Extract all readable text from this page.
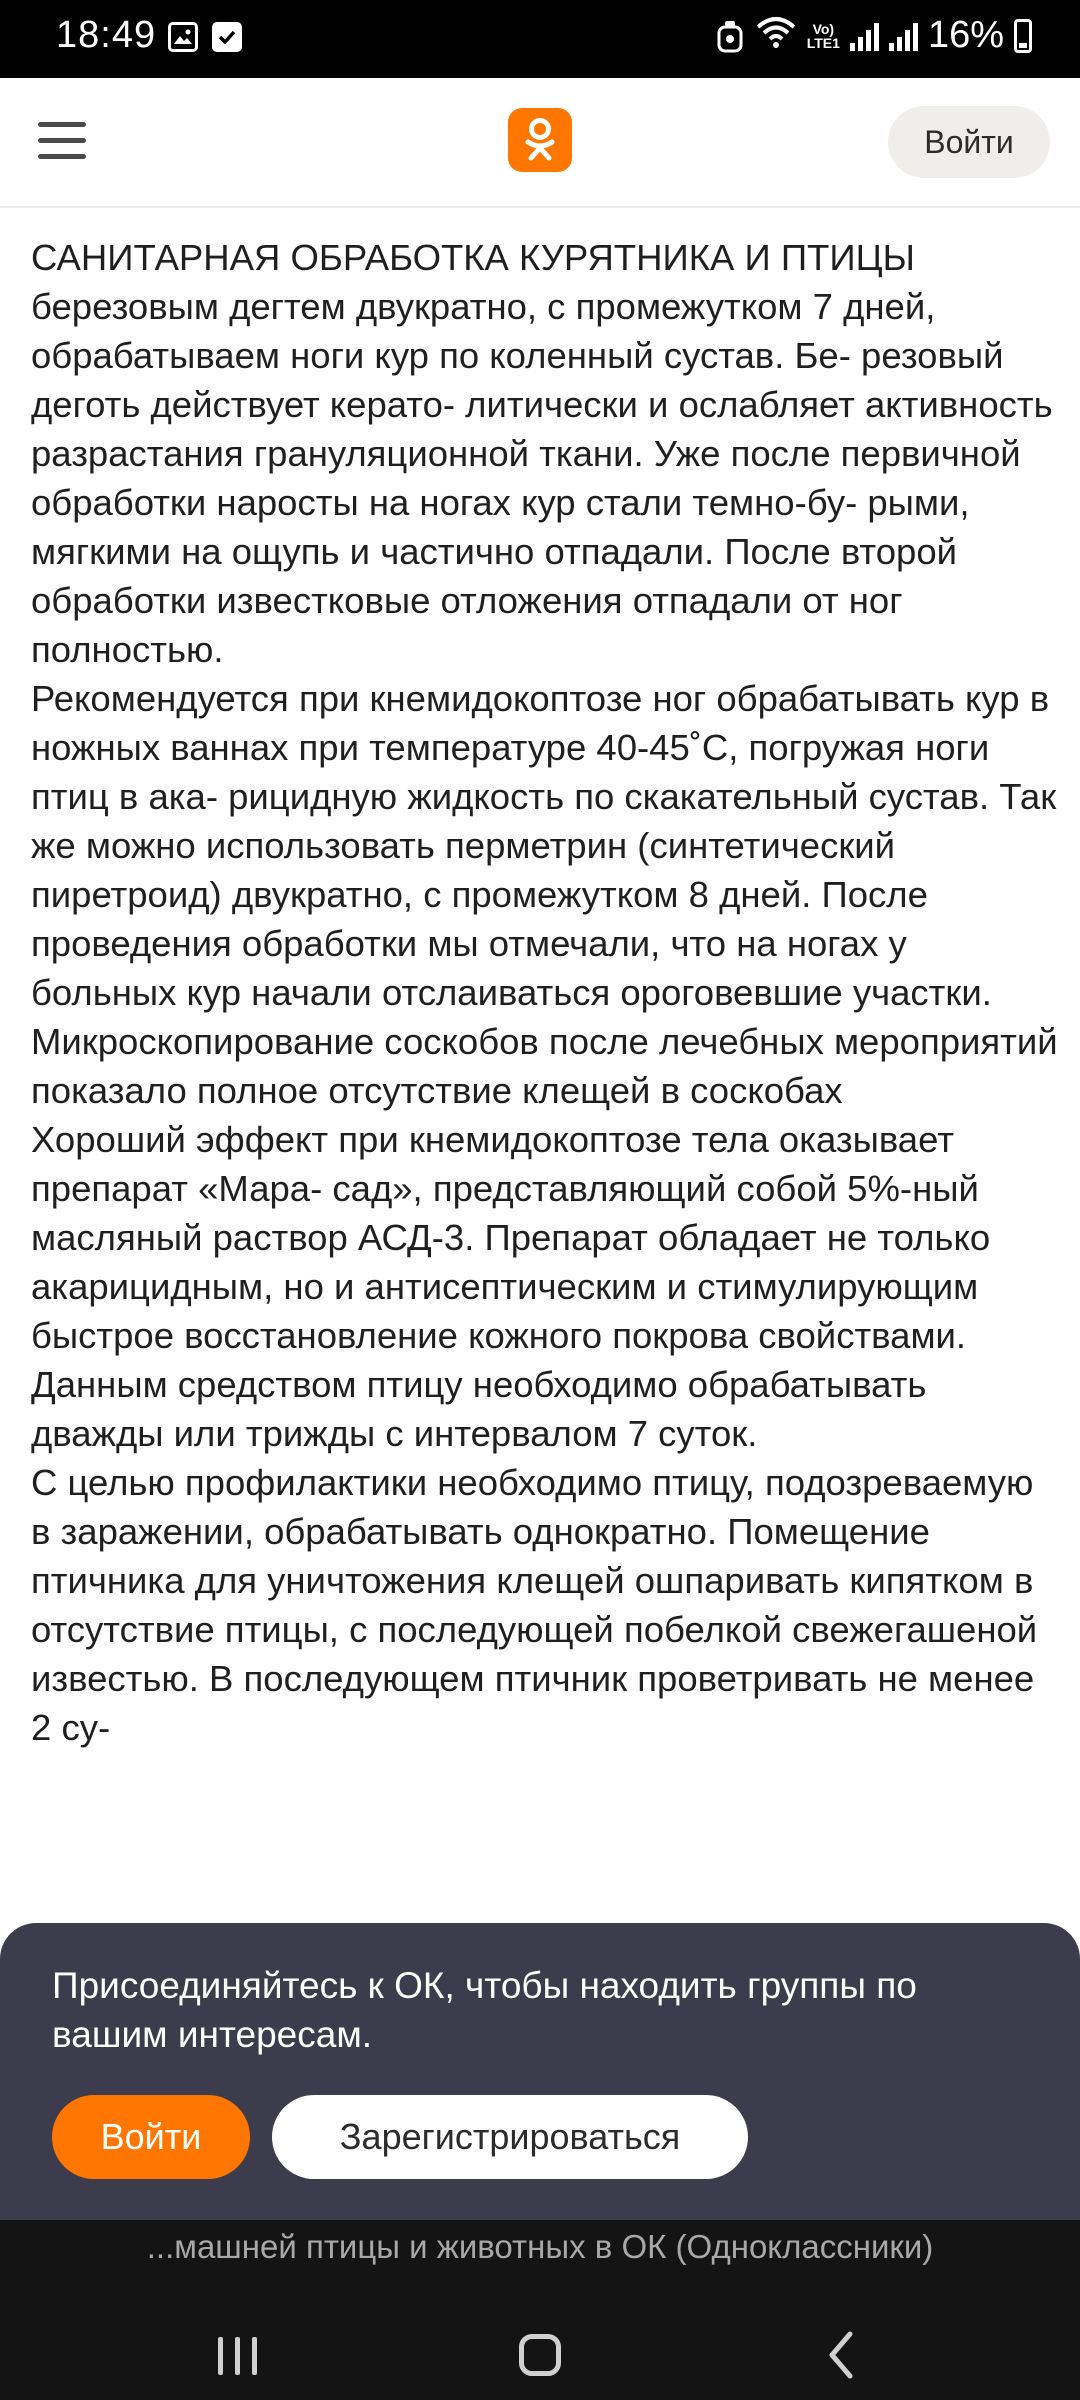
18:49	Vo)
LTE1 16%
Войти

САНИТАРНАЯ ОБРАБОТКА КУРЯТНИКА И ПТИЦЫ березовым дегтем двукратно, с промежутком 7 дней, обрабатываем ноги кур по коленный сустав. Бе- резовый деготь действует керато- литически и ослабляет активность разрастания грануляционной ткани. Уже после первичной обработки наросты на ногах кур стали темно-бу- рыми, мягкими на ощупь и частично отпадали. После второй обработки известковые отложения отпадали от ног полностью.

Рекомендуется при кнемидокоптозе ног обрабатывать кур в ножных ваннах при температуре 40-45˚С, погружая ноги птиц в ака- рицидную жидкость по скакательный сустав. Так же можно использовать перметрин (синтетический пиретроид) двукратно, с промежутком 8 дней. После проведения обработки мы отмечали, что на ногах у больных кур начали отслаиваться ороговевшие участки. Микроскопирование соскобов после лечебных мероприятий показало полное отсутствие клещей в соскобах

Хороший эффект при кнемидокоптозе тела оказывает препарат «Мара- сад», представляющий собой 5%-ный масляный раствор АСД-3. Препарат обладает не только акарицидным, но и антисептическим и стимулирующим быстрое восстановление кожного покрова свойствами. Данным средством птицу необходимо обрабатывать дважды или трижды с интервалом 7 суток.

С целью профилактики необходимо птицу, подозреваемую в заражении, обрабатывать однократно. Помещение птичника для уничтожения клещей ошпаривать кипятком в отсутствие птицы, с последующей побелкой свежегашеной известью. В последующем птичник проветривать не менее 2 су-

Присоединяйтесь к ОК, чтобы находить группы по вашим интересам.
Войти	Зарегистрироваться
...машней птицы и животных в ОК (Одноклассники)
